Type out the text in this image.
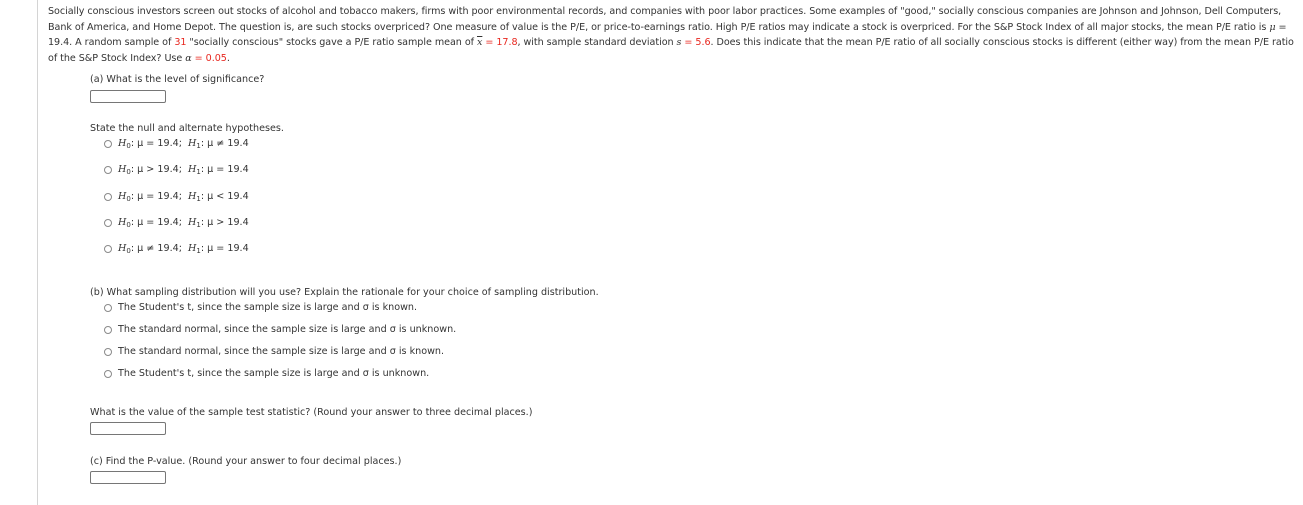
Socially conscious investors screen out stocks of alcohol and tobacco makers, firms with poor environmental records, and companies with poor labor practices. Some examples of "good," socially conscious companies are Johnson and Johnson, Dell Computers, Bank of America, and Home Depot. The question is, are such stocks overpriced? One measure of value is the P/E, or price-to-earnings ratio. High P/E ratios may indicate a stock is overpriced. For the S&P Stock Index of all major stocks, the mean P/E ratio is μ = 19.4. A random sample of 31 "socially conscious" stocks gave a P/E ratio sample mean of $\overline{x} = 17.8$, with sample standard deviation s = 5.6. Does this indicate that the mean P/E ratio of all socially conscious stocks is different (either way) from the mean P/E ratio of the S&P Stock Index? Use α = 0.05.

(a) What is the level of significance?

State the null and alternate hypotheses.

$H_0$: μ = 19.4; $H_1$: μ ≠ 19.4
$H_0$: μ > 19.4; $H_1$: μ = 19.4
$H_0$: μ = 19.4; $H_1$: μ < 19.4
$H_0$: μ = 19.4; $H_1$: μ > 19.4
$H_0$: μ ≠ 19.4; $H_1$: μ = 19.4

(b) What sampling distribution will you use? Explain the rationale for your choice of sampling distribution.

The Student's t, since the sample size is large and σ is known.
The standard normal, since the sample size is large and σ is unknown.
The standard normal, since the sample size is large and σ is known.
The Student's t, since the sample size is large and σ is unknown.

What is the value of the sample test statistic? (Round your answer to three decimal places.)

(c) Find the P-value. (Round your answer to four decimal places.)
